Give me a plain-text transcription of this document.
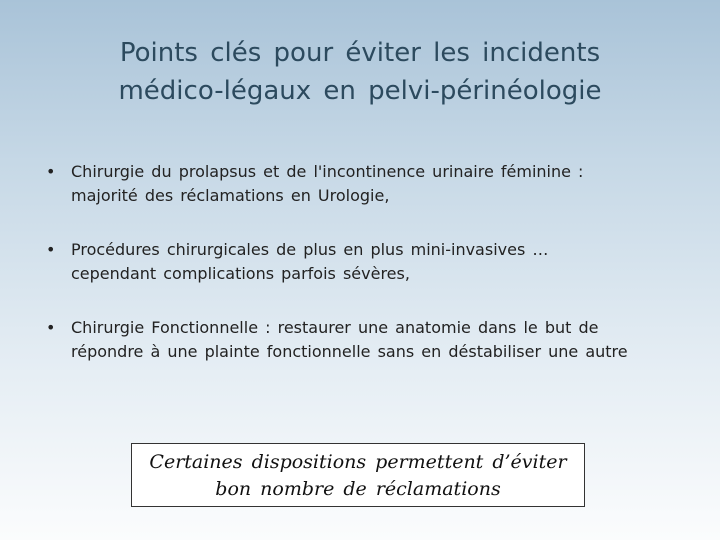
Points clés pour éviter les incidents
médico-légaux en pelvi-périnéologie
• Chirurgie du prolapsus et de l'incontinence urinaire féminine :
majorité des réclamations en Urologie,
• Procédures chirurgicales de plus en plus mini-invasives …
cependant complications parfois sévères,
• Chirurgie Fonctionnelle : restaurer une anatomie dans le but de
répondre à une plainte fonctionnelle sans en déstabiliser une autre
Certaines dispositions permettent d’éviter
bon nombre de réclamations
